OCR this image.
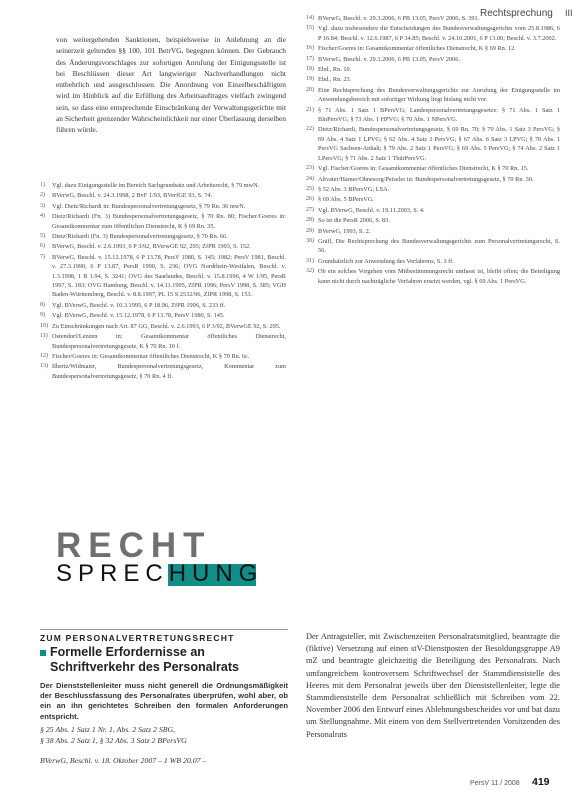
Rechtsprechung III

von weitergehenden Sanktionen, beispielsweise in Anlehnung an die seinerzeit geltenden §§ 100, 101 BetrVG, begegnen können. Der Gebrauch des Änderungsvorschlages zur sofortigen Anrufung der Einigungsstelle ist bei Beschlüssen dieser Art langwieriger Nachverhandlungen nicht entbehrlich und ausgeschlossen. Die Anordnung von Einzelbeschäftigten wird im Hinblick auf die Erfüllung des Arbeitsauftrages vielfach zwingend sein, so dass eine entsprechende Einschränkung der Verwaltungsgerichte mit an Sicherheit grenzender Wahrscheinlichkeit nur einer Überlassung derselben führen würde.

1)	Vgl. dazu Einigungsstelle im Bereich Sachgrundsatz und Arbeitsrecht, § 79 mwN.
2)	BVerwG, Beschl. v. 24.3.1998, 2 BvF 1/93, BVerfGE 93, S. 74.
3)	Vgl. Dietz/Richardi in: Bundespersonalvertretungsgesetz, § 79 Rn. 36 mwN.
4)	Dietz/Richardi (Fn. 3) Bundespersonalvertretungsgesetz, § 70 Rn. 80; Fischer/Goeres in: Gesamtkommentar zum öffentlichen Dienstrecht, K § 69 Rn. 35.
5)	Dietz/Richardi (Fn. 3) Bundespersonalvertretungsgesetz, § 70 Rn. 66.
6)	BVerwG, Beschl. v. 2.6.1993, 6 P 3/92, BVerwGE 92, 295; ZfPR 1993, S. 152.
7)	BVerwG, Beschl. v. 15.12.1978, 6 P 13.78, PersV 1980, S. 145; 1982; PersV 1981, Beschl. v. 27.3.1990, 6 P 13.87, PersR 1990, S. 236; OVG Nordrhein-Westfalen, Beschl. v. 1.3.1998, 1 B 1.94, S. 3241; OVG des Saarlandes, Beschl. v. 15.8.1996, 4 W 1/95, PersR 1997, S. 183; OVG Hamburg, Beschl. v. 14.11.1995, ZfPR 1996; PersV 1998, S. 385; VGH Baden-Württemberg, Beschl. v. 8.8.1997, PL 15 S 2532/96, ZfPR 1998, S. 153.
8)	Vgl. BVerwG, Beschl. v. 10.3.1995, 6 P 18.96, ZfPR 1996, S. 233 ff.
9)	Vgl. BVerwG, Beschl. v. 15.12.1978, 6 P 13.78, PersV 1980, S. 145.
10) Zu Einschränkungen nach Art. 87 GG, Beschl. v. 2.6.1993, 6 P 3/92, BVerwGE 92, S. 295.
11) Ostendorf/Lenzen in: Gesamtkommentar öffentliches Dienstrecht, Bundespersonalvertretungsgesetz, K § 70 Rn. 10 f.
12) Fischer/Goeres in: Gesamtkommentar öffentliches Dienstrecht, K § 70 Rn. 6c.
13) Ilbertz/Widmaier, Bundespersonalvertretungsgesetz, Kommentar zum Bundespersonalvertretungsgesetz, § 70 Rn. 4 ff.
14) BVerwG, Beschl. v. 29.3.2006, 6 PB 13.05, PersV 2006, S. 391.
15) Vgl. dazu insbesondere die Entscheidungen des Bundesverwaltungsgerichts vom 25.8.1986, 6 P 16.84; Beschl. v. 12.6.1987, 6 P 34.85; Beschl. v. 24.10.2001, 6 P 13.00; Beschl. v. 3.7.2002.
16) Fischer/Goeres in: Gesamtkommentar öffentliches Dienstrecht, K § 69 Rn. 12.
17) BVerwG, Beschl. v. 29.3.2006, 6 PB 13.05, PersV 2006.
18) Ebd., Rn. 10.
19) Ebd., Rn. 23.
20) Eine Rechtsprechung des Bundesverwaltungsgerichts zur Anrufung der Einigungsstelle im Anwendungsbereich mit sofortiger Wirkung liegt bislang nicht vor.
21) § 71 Abs. 1 Satz 1 BPersVG; Landespersonalvertretungsgesetze: § 71 Abs. 1 Satz 1 BlnPersVG; § 73 Abs. 1 HPVG; § 70 Abs. 1 NPersVG.
22) Dietz/Richardi, Bundespersonalvertretungsgesetz, § 69 Rn. 70; § 70 Abs. 1 Satz 3 PersVG; § 69 Abs. 4 Satz 1 LPVG; § 62 Abs. 4 Satz 2 PersVG; § 67 Abs. 6 Satz 3 LPVG; § 70 Abs. 1 PersVG Sachsen-Anhalt; § 79 Abs. 2 Satz 1 PersVG; § 69 Abs. 5 PersVG; § 74 Abs. 2 Satz 1 LPersVG; § 71 Abs. 2 Satz 1 ThürPersVG.
23) Vgl. Fischer/Goeres in: Gesamtkommentar öffentliches Dienstrecht, K § 70 Rn. 15.
24) Altvater/Hamer/Ohnesorg/Peiseler in: Bundespersonalvertretungsgesetz, § 70 Rn. 30.
25) § 52 Abs. 3 BPersVG; LSA.
26) § 69 Abs. 5 BPersVG.
27) Vgl. BVerwG, Beschl. v. 19.11.2003, S. 4.
28) So ist die PersR 2006, S. 83.
29) BVerwG, 1993, S. 2.
30) Gräfl, Die Rechtsprechung des Bundesverwaltungsgerichts zum Personalvertretungsrecht, S. 56.
31) Grundsätzlich zur Anwendung des Verfahrens, S. 3 ff.
32) Ob ein solches Vorgehen vom Mitbestimmungsrecht umfasst ist, bleibt offen; die Beteiligung kann nicht durch nachträgliche Verfahren ersetzt werden, vgl. § 69 Abs. 1 PersVG.
RECHT
SPRECHUNG
ZUM PERSONALVERTRETUNGSRECHT
Formelle Erfordernisse an Schriftverkehr des Personalrats
Der Dienststellenleiter muss nicht generell die Ordnungsmäßigkeit der Beschlussfassung des Personalrates überprüfen, wohl aber, ob ein an ihn gerichtetes Schreiben den formalen Anforderungen entspricht.
§ 25 Abs. 1 Satz 1 Nr. 1, Abs. 2 Satz 2 SBG,
§ 38 Abs. 2 Satz 1, § 32 Abs. 3 Satz 2 BPersVG
BVerwG, Beschl. v. 18. Oktober 2007 – 1 WB 20.07 –

Der Antragsteller, mit Zwischenzeiten Personalratsmitglied, beantragte die (fiktive) Versetzung auf einen stV-Dienstposten der Besoldungsgruppe A9 mZ und beantragte gleichzeitig die Beteiligung des Personalrats. Nach umfangreichem kontroversem Schriftwechsel der Stammdienststelle des Heeres mit dem Personalrat jeweils über den Dienststellenleiter, legte die Stammdienststelle dem Personalrat schließlich mit Schreiben vom 22. November 2006 den Entwurf eines Ablehnungsbescheides vor und bat dazu um Stellungnahme. Mit einem von dem Stellvertretenden Vorsitzenden des Personalrats

PersV 11 / 2008 419
